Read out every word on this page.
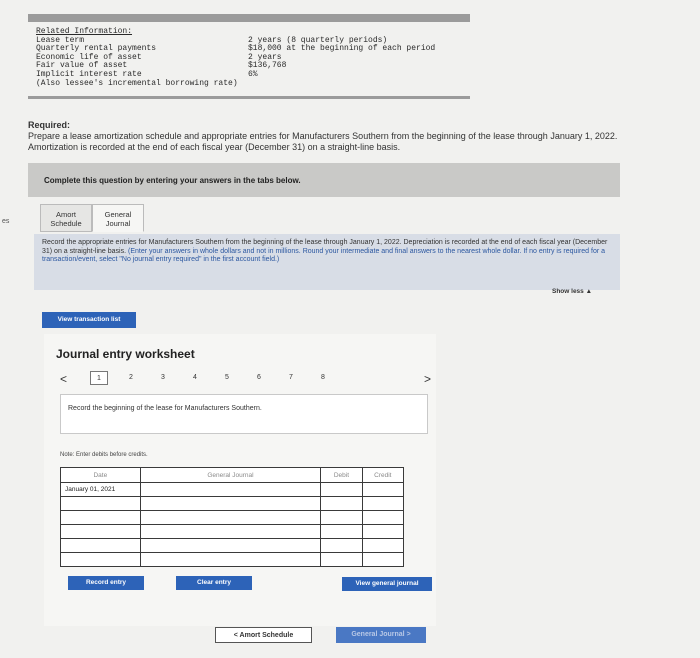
Related Information:
Lease term	2 years (8 quarterly periods)
Quarterly rental payments	$18,000 at the beginning of each period
Economic life of asset	2 years
Fair value of asset	$136,768
Implicit interest rate	6%
(Also lessee's incremental borrowing rate)
Required:
Prepare a lease amortization schedule and appropriate entries for Manufacturers Southern from the beginning of the lease through January 1, 2022. Amortization is recorded at the end of each fiscal year (December 31) on a straight-line basis.
Complete this question by entering your answers in the tabs below.
es
Amort Schedule
General Journal
Record the appropriate entries for Manufacturers Southern from the beginning of the lease through January 1, 2022. Depreciation is recorded at the end of each fiscal year (December 31) on a straight-line basis. (Enter your answers in whole dollars and not in millions. Round your intermediate and final answers to the nearest whole dollar. If no entry is required for a transaction/event, select "No journal entry required" in the first account field.)
Show less ▲
View transaction list
Journal entry worksheet
<	1	2	3	4	5	6	7	8	>
Record the beginning of the lease for Manufacturers Southern.
Note: Enter debits before credits.
Date	General Journal	Debit	Credit
January 01, 2021			

Record entry	Clear entry	View general journal
< Amort Schedule	General Journal >
